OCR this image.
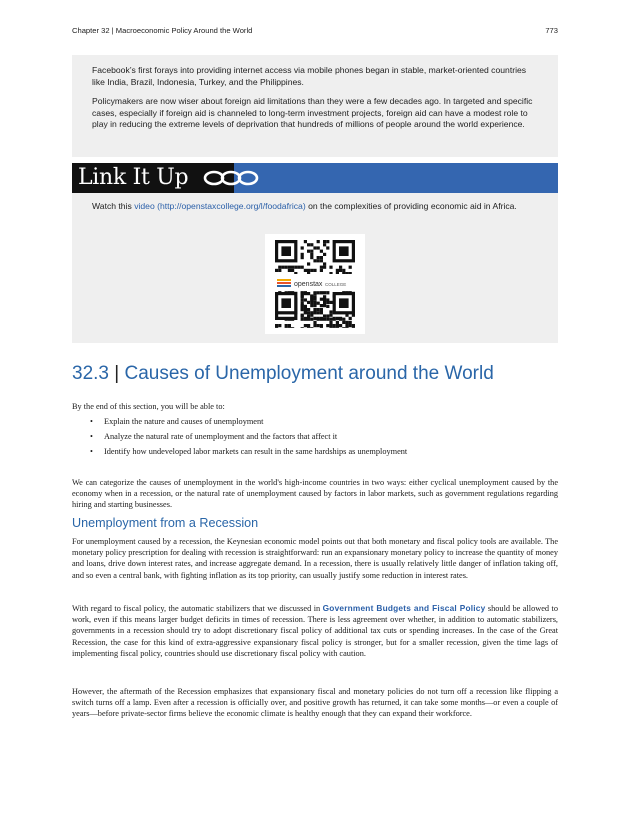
Chapter 32 | Macroeconomic Policy Around the World	773

Facebook’s first forays into providing internet access via mobile phones began in stable, market-oriented countries like India, Brazil, Indonesia, Turkey, and the Philippines.

Policymakers are now wiser about foreign aid limitations than they were a few decades ago. In targeted and specific cases, especially if foreign aid is channeled to long-term investment projects, foreign aid can have a modest role to play in reducing the extreme levels of deprivation that hundreds of millions of people around the world experience.

Link It Up

Watch this video (http://openstaxcollege.org/l/foodafrica) on the complexities of providing economic aid in Africa.

openstax COLLEGE
32.3 | Causes of Unemployment around the World

By the end of this section, you will be able to:

• Explain the nature and causes of unemployment
• Analyze the natural rate of unemployment and the factors that affect it
• Identify how undeveloped labor markets can result in the same hardships as unemployment

We can categorize the causes of unemployment in the world's high-income countries in two ways: either cyclical unemployment caused by the economy when in a recession, or the natural rate of unemployment caused by factors in labor markets, such as government regulations regarding hiring and starting businesses.

Unemployment from a Recession

For unemployment caused by a recession, the Keynesian economic model points out that both monetary and fiscal policy tools are available. The monetary policy prescription for dealing with recession is straightforward: run an expansionary monetary policy to increase the quantity of money and loans, drive down interest rates, and increase aggregate demand. In a recession, there is usually relatively little danger of inflation taking off, and so even a central bank, with fighting inflation as its top priority, can usually justify some reduction in interest rates.

With regard to fiscal policy, the automatic stabilizers that we discussed in Government Budgets and Fiscal Policy should be allowed to work, even if this means larger budget deficits in times of recession. There is less agreement over whether, in addition to automatic stabilizers, governments in a recession should try to adopt discretionary fiscal policy of additional tax cuts or spending increases. In the case of the Great Recession, the case for this kind of extra-aggressive expansionary fiscal policy is stronger, but for a smaller recession, given the time lags of implementing fiscal policy, countries should use discretionary fiscal policy with caution.

However, the aftermath of the Recession emphasizes that expansionary fiscal and monetary policies do not turn off a recession like flipping a switch turns off a lamp. Even after a recession is officially over, and positive growth has returned, it can take some months—or even a couple of years—before private-sector firms believe the economic climate is healthy enough that they can expand their workforce.
